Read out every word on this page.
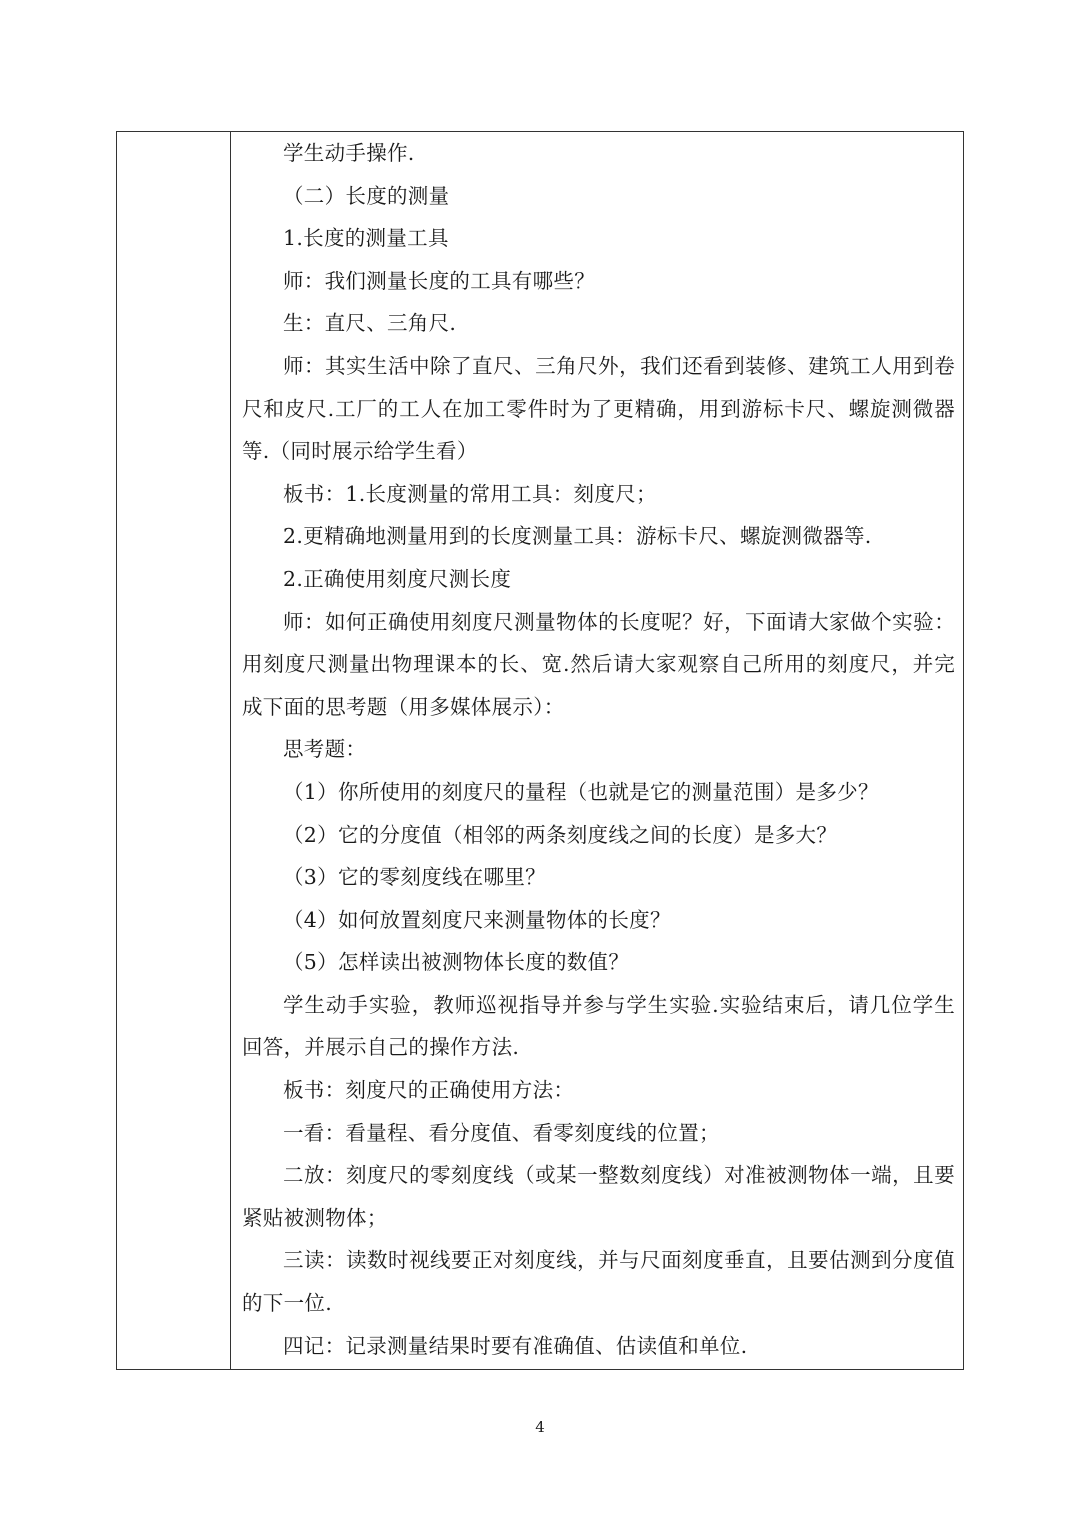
学生动手操作.

（二）长度的测量

1.长度的测量工具

师：我们测量长度的工具有哪些？

生：直尺、三角尺.

师：其实生活中除了直尺、三角尺外，我们还看到装修、建筑工人用到卷尺和皮尺.工厂的工人在加工零件时为了更精确，用到游标卡尺、螺旋测微器等.（同时展示给学生看）

板书：1.长度测量的常用工具：刻度尺；

2.更精确地测量用到的长度测量工具：游标卡尺、螺旋测微器等.

2.正确使用刻度尺测长度

师：如何正确使用刻度尺测量物体的长度呢？好，下面请大家做个实验：用刻度尺测量出物理课本的长、宽.然后请大家观察自己所用的刻度尺，并完成下面的思考题（用多媒体展示）：

思考题：

（1）你所使用的刻度尺的量程（也就是它的测量范围）是多少？

（2）它的分度值（相邻的两条刻度线之间的长度）是多大？

（3）它的零刻度线在哪里？

（4）如何放置刻度尺来测量物体的长度？

（5）怎样读出被测物体长度的数值？

学生动手实验，教师巡视指导并参与学生实验.实验结束后，请几位学生回答，并展示自己的操作方法.

板书：刻度尺的正确使用方法：

一看：看量程、看分度值、看零刻度线的位置；

二放：刻度尺的零刻度线（或某一整数刻度线）对准被测物体一端，且要紧贴被测物体；

三读：读数时视线要正对刻度线，并与尺面刻度垂直，且要估测到分度值的下一位.

四记：记录测量结果时要有准确值、估读值和单位.

4
